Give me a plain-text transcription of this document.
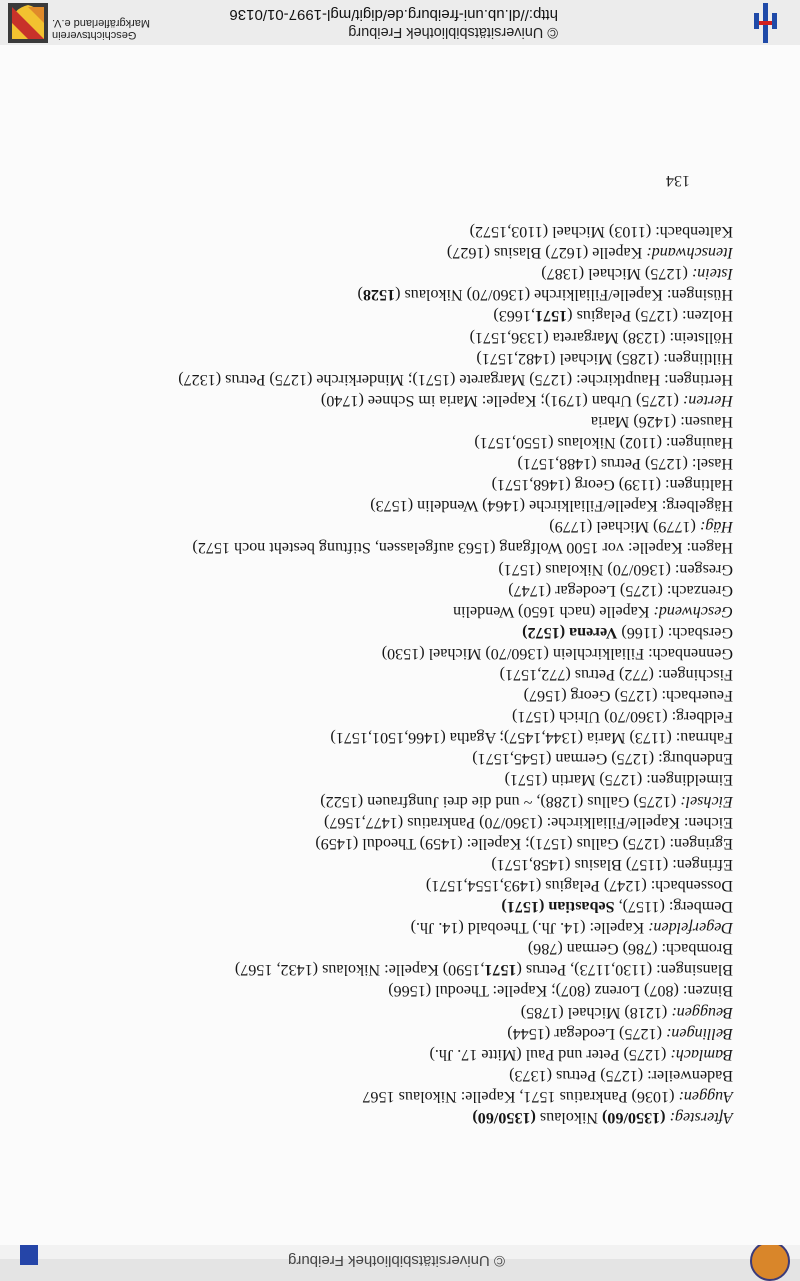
© Universitätsbibliothek Freiburg
Aftersteg: (1350/60) Nikolaus (1350/60)
Auggen: (1036) Pankratius 1571, Kapelle: Nikolaus 1567
Badenweiler: (1275) Petrus (1373)
Bamlach: (1275) Peter und Paul (Mitte 17. Jh.)
Bellingen: (1275) Leodegar (1544)
Beuggen: (1218) Michael (1785)
Binzen: (807) Lorenz (807); Kapelle: Theodul (1566)
Blansingen: (1130,1173), Petrus (1571,1590) Kapelle: Nikolaus (1432, 1567)
Brombach: (786) German (786)
Degerfelden: Kapelle: (14. Jh.) Theobald (14. Jh.)
Demberg: (1157), Sebastian (1571)
Dossenbach: (1247) Pelagius (1493,1554,1571)
Efringen: (1157) Blasius (1458,1571)
Egringen: (1275) Gallus (1571); Kapelle: (1459) Theodul (1459)
Eichen: Kapelle/Filialkirche: (1360/70) Pankratius (1477,1567)
Eichsel: (1275) Gallus (1288), ~ und die drei Jungfrauen (1522)
Eimeldingen: (1275) Martin (1571)
Endenburg: (1275) German (1545,1571)
Fahrnau: (1173) Maria (1344,1457); Agatha (1466,1501,1571)
Feldberg: (1360/70) Ulrich (1571)
Feuerbach: (1275) Georg (1567)
Fischingen: (772) Petrus (772,1571)
Gennenbach: Filialkirchlein (1360/70) Michael (1530)
Gersbach: (1166) Verena (1572)
Geschwend: Kapelle (nach 1650) Wendelin
Grenzach: (1275) Leodegar (1747)
Gresgen: (1360/70) Nikolaus (1571)
Hagen: Kapelle: vor 1500 Wolfgang (1563 aufgelassen, Stiftung besteht noch 1572)
Häg: (1779) Michael (1779)
Hägelberg: Kapelle/Filialkirche (1464) Wendelin (1573)
Haltingen: (1139) Georg (1468,1571)
Hasel: (1275) Petrus (1488,1571)
Hauingen: (1102) Nikolaus (1550,1571)
Hausen: (1426) Maria
Herten: (1275) Urban (1791); Kapelle: Maria im Schnee (1740)
Hertingen: Hauptkirche: (1275) Margarete (1571); Minderkirche (1275) Petrus (1327)
Hiltlingen: (1285) Michael (1482,1571)
Höllstein: (1238) Margareta (1336,1571)
Holzen: (1275) Pelagius (1571,1663)
Hüsingen: Kapelle/Filialkirche (1360/70) Nikolaus (1528)
Istein: (1275) Michael (1387)
Itenschwand: Kapelle (1627) Blasius (1627)
Kaltenbach: (1103) Michael (1103,1572)
134
© Universitätsbibliothek Freiburg
http://dl.ub.uni-freiburg.de/digit/mgl-1997-01/0136
Geschichtsverein
Markgräflerland e.V.
